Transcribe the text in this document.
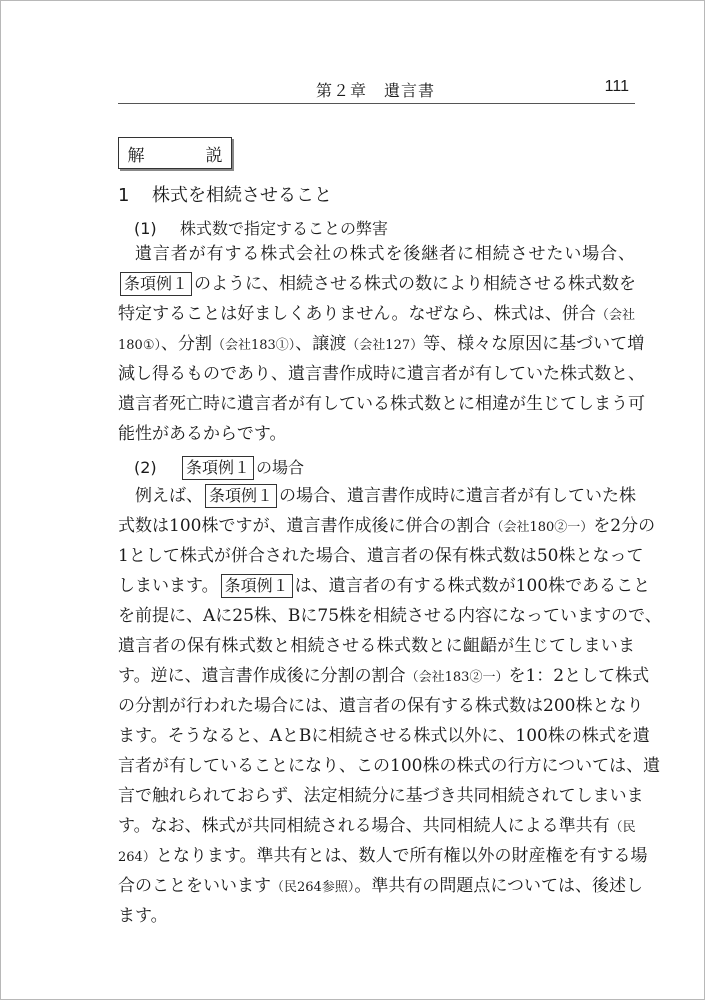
第２章　遺言書	111
解　説
1 株式を相続させること
(1) 株式数で指定することの弊害
遺言者が有する株式会社の株式を後継者に相続させたい場合、
条項例１ のように、相続させる株式の数により相続させる株式数を
特定することは好ましくありません。なぜなら、株式は、併合（会社
180①）、分割（会社183①）、譲渡（会社127）等、様々な原因に基づいて増
減し得るものであり、遺言書作成時に遺言者が有していた株式数と、
遺言者死亡時に遺言者が有している株式数とに相違が生じてしまう可
能性があるからです。
(2) 条項例１ の場合
例えば、 条項例１ の場合、遺言書作成時に遺言者が有していた株
式数は100株ですが、遺言書作成後に併合の割合（会社180②一）を2分の
1として株式が併合された場合、遺言者の保有株式数は50株となって
しまいます。 条項例１ は、遺言者の有する株式数が100株であること
を前提に、Aに25株、Bに75株を相続させる内容になっていますので、
遺言者の保有株式数と相続させる株式数とに齟齬が生じてしまいま
す。逆に、遺言書作成後に分割の割合（会社183②一）を1：2として株式
の分割が行われた場合には、遺言者の保有する株式数は200株となり
ます。そうなると、AとBに相続させる株式以外に、100株の株式を遺
言者が有していることになり、この100株の株式の行方については、遺
言で触れられておらず、法定相続分に基づき共同相続されてしまいま
す。なお、株式が共同相続される場合、共同相続人による準共有（民
264）となります。準共有とは、数人で所有権以外の財産権を有する場
合のことをいいます（民264参照）。準共有の問題点については、後述し
ます。
